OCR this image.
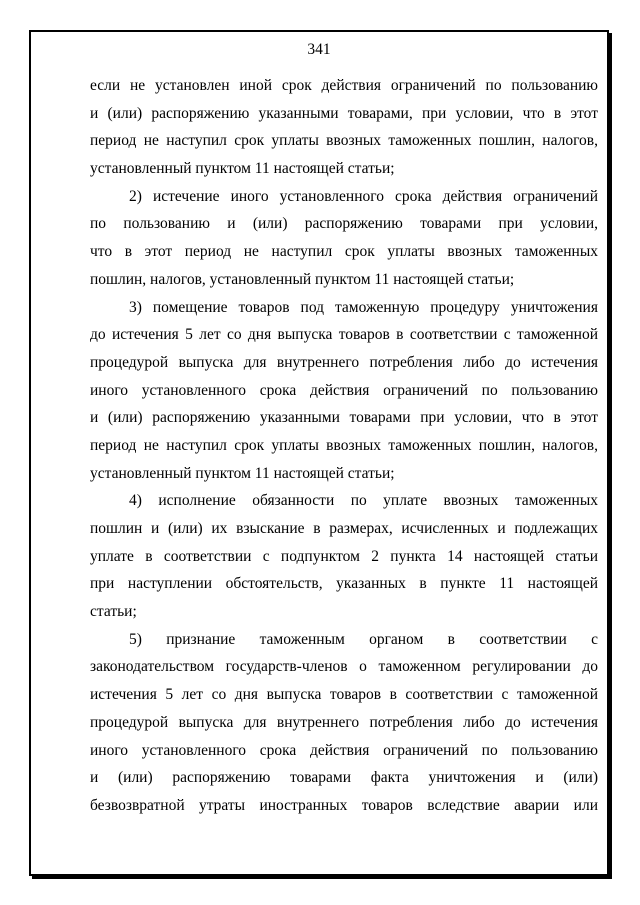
341
если не установлен иной срок действия ограничений по пользованию
и (или) распоряжению указанными товарами, при условии, что в этот
период не наступил срок уплаты ввозных таможенных пошлин, налогов,
установленный пунктом 11 настоящей статьи;
2) истечение иного установленного срока действия ограничений
по пользованию и (или) распоряжению товарами при условии,
что в этот период не наступил срок уплаты ввозных таможенных
пошлин, налогов, установленный пунктом 11 настоящей статьи;
3) помещение товаров под таможенную процедуру уничтожения
до истечения 5 лет со дня выпуска товаров в соответствии с таможенной
процедурой выпуска для внутреннего потребления либо до истечения
иного установленного срока действия ограничений по пользованию
и (или) распоряжению указанными товарами при условии, что в этот
период не наступил срок уплаты ввозных таможенных пошлин, налогов,
установленный пунктом 11 настоящей статьи;
4) исполнение обязанности по уплате ввозных таможенных
пошлин и (или) их взыскание в размерах, исчисленных и подлежащих
уплате в соответствии с подпунктом 2 пункта 14 настоящей статьи
при наступлении обстоятельств, указанных в пункте 11 настоящей
статьи;
5) признание таможенным органом в соответствии с
законодательством государств-членов о таможенном регулировании до
истечения 5 лет со дня выпуска товаров в соответствии с таможенной
процедурой выпуска для внутреннего потребления либо до истечения
иного установленного срока действия ограничений по пользованию
и (или) распоряжению товарами факта уничтожения и (или)
безвозвратной утраты иностранных товаров вследствие аварии или
